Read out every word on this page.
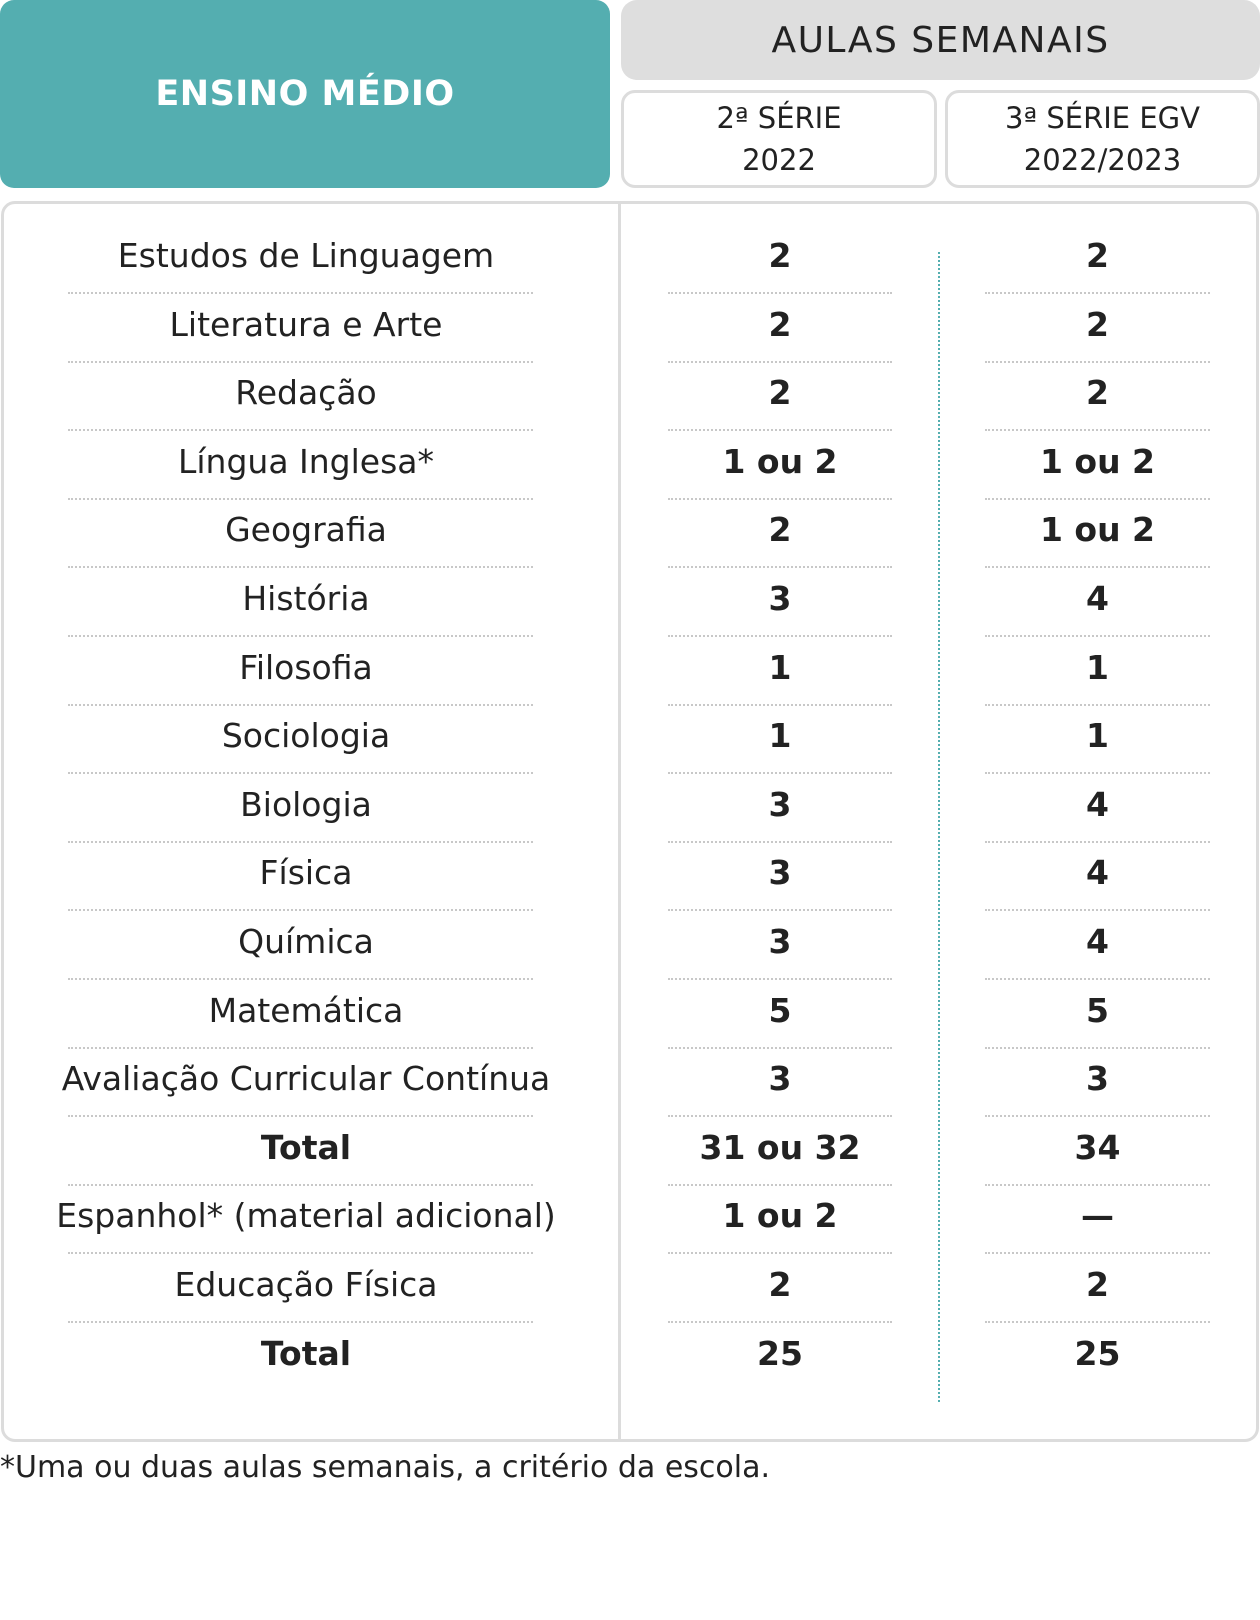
ENSINO MÉDIO
AULAS SEMANAIS
2ª SÉRIE
2022
3ª SÉRIE EGV
2022/2023
Estudos de Linguagem	2	2
Literatura e Arte	2	2
Redação	2	2
Língua Inglesa*	1 ou 2	1 ou 2
Geografia	2	1 ou 2
História	3	4
Filosofia	1	1
Sociologia	1	1
Biologia	3	4
Física	3	4
Química	3	4
Matemática	5	5
Avaliação Curricular Contínua	3	3
Total	31 ou 32	34
Espanhol* (material adicional)	1 ou 2	—
Educação Física	2	2
Total	25	25
*Uma ou duas aulas semanais, a critério da escola.
